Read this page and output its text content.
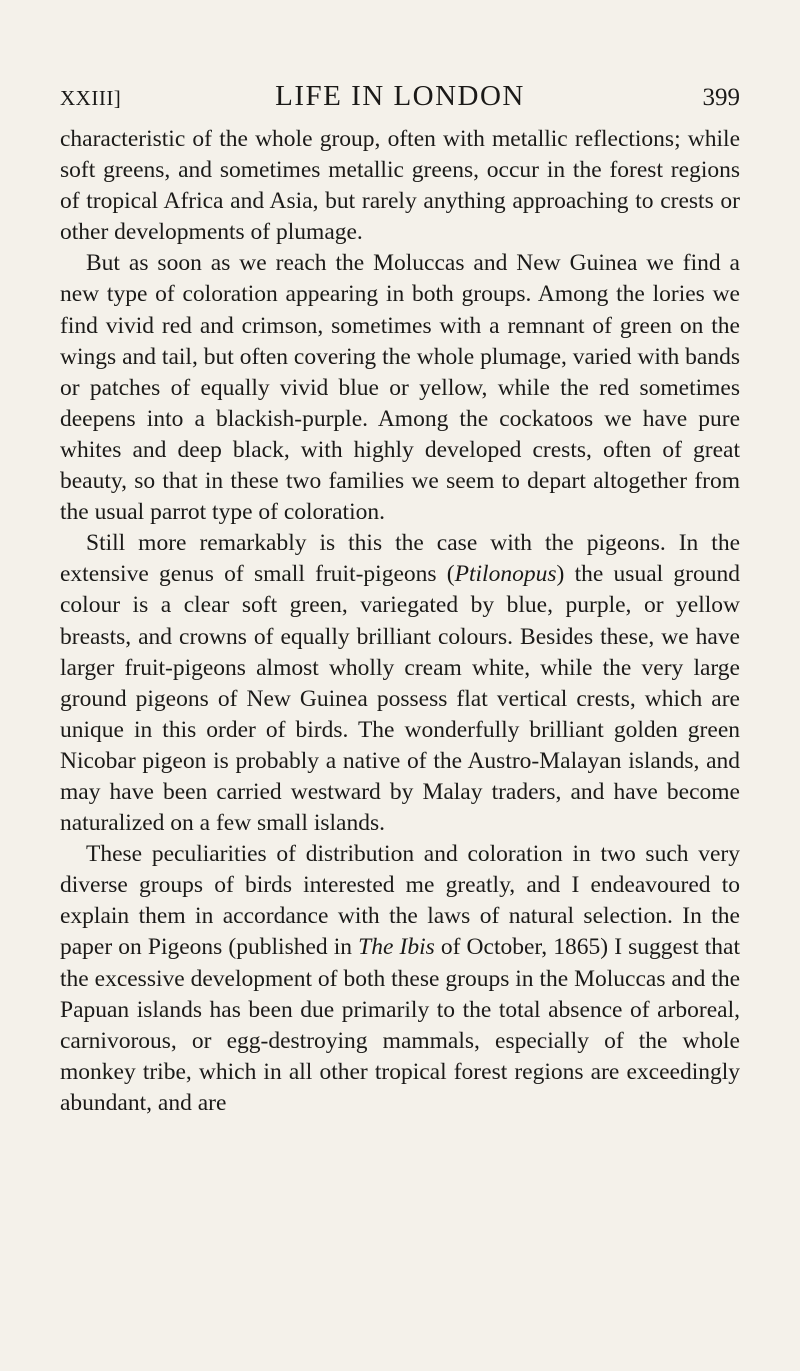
XXIII]	LIFE IN LONDON	399

characteristic of the whole group, often with metallic reflections; while soft greens, and sometimes metallic greens, occur in the forest regions of tropical Africa and Asia, but rarely anything approaching to crests or other developments of plumage.

But as soon as we reach the Moluccas and New Guinea we find a new type of coloration appearing in both groups. Among the lories we find vivid red and crimson, sometimes with a remnant of green on the wings and tail, but often covering the whole plumage, varied with bands or patches of equally vivid blue or yellow, while the red sometimes deepens into a blackish-purple. Among the cockatoos we have pure whites and deep black, with highly developed crests, often of great beauty, so that in these two families we seem to depart altogether from the usual parrot type of coloration.

Still more remarkably is this the case with the pigeons. In the extensive genus of small fruit-pigeons (Ptilonopus) the usual ground colour is a clear soft green, variegated by blue, purple, or yellow breasts, and crowns of equally brilliant colours. Besides these, we have larger fruit-pigeons almost wholly cream white, while the very large ground pigeons of New Guinea possess flat vertical crests, which are unique in this order of birds. The wonderfully brilliant golden green Nicobar pigeon is probably a native of the Austro-Malayan islands, and may have been carried westward by Malay traders, and have become naturalized on a few small islands.

These peculiarities of distribution and coloration in two such very diverse groups of birds interested me greatly, and I endeavoured to explain them in accordance with the laws of natural selection. In the paper on Pigeons (published in The Ibis of October, 1865) I suggest that the excessive development of both these groups in the Moluccas and the Papuan islands has been due primarily to the total absence of arboreal, carnivorous, or egg-destroying mammals, especially of the whole monkey tribe, which in all other tropical forest regions are exceedingly abundant, and are
